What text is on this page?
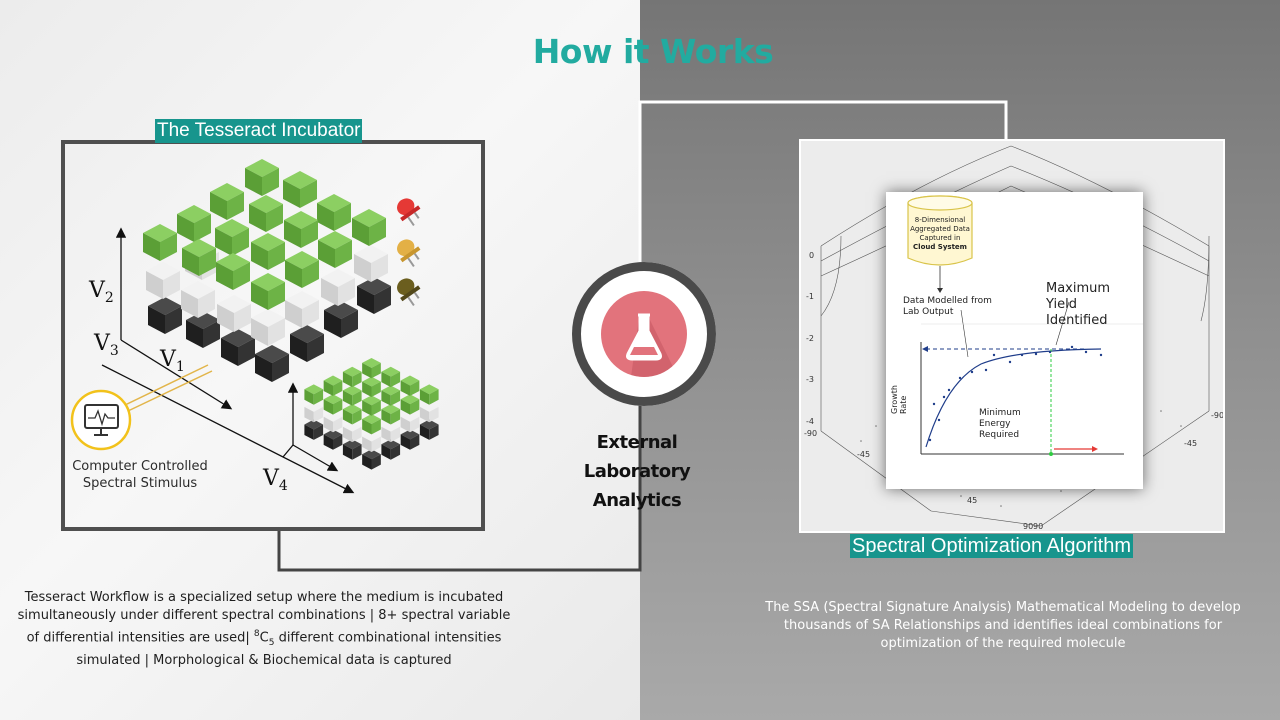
How it Works
$V_2$
$V_3$ $V_1$
$V_4$
The Tesseract Incubator
Computer Controlled Spectral Stimulus
External Laboratory Analytics
0
-1
-2
-3
-4
-90
-45
45
90 90
-45
-90
8-Dimensional Aggregated Data Captured in
Cloud System
Data Modelled from Lab Output
Maximum Yield Identified
Minimum Energy Required
Growth Rate
Spectral Optimization Algorithm
Tesseract Workflow is a specialized setup where the medium is incubated simultaneously under different spectral combinations | 8+ spectral variable of differential intensities are used| $^8C_5$ different combinational intensities simulated | Morphological & Biochemical data is captured
The SSA (Spectral Signature Analysis) Mathematical Modeling to develop thousands of SA Relationships and identifies ideal combinations for optimization of the required molecule
